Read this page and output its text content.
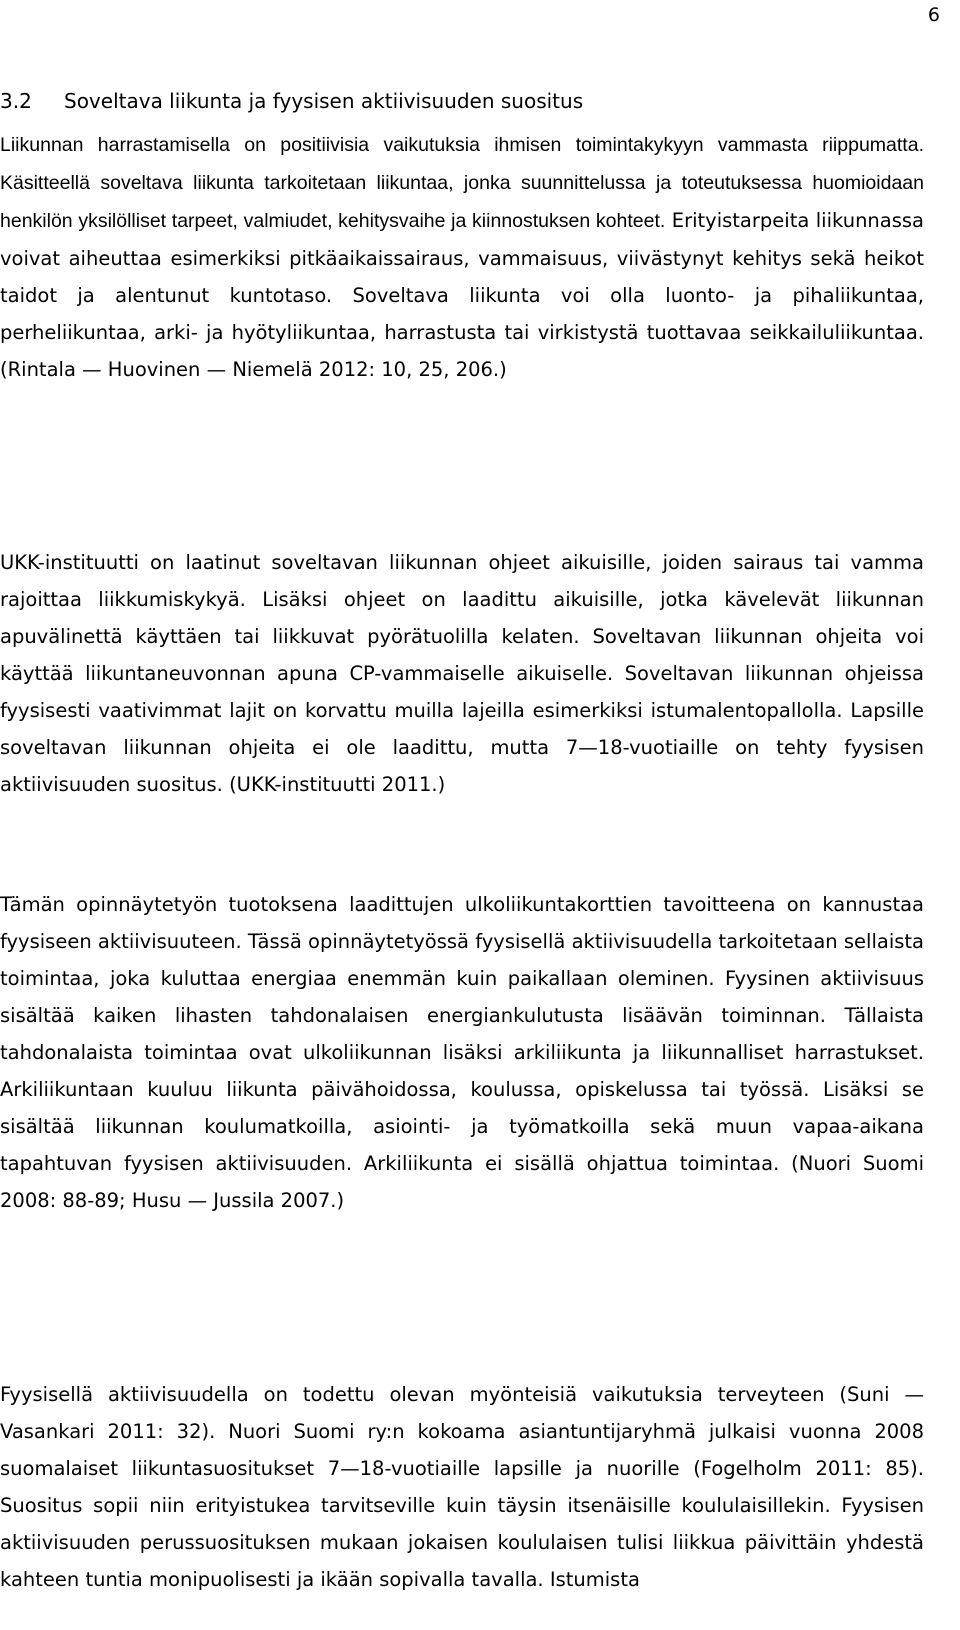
6
3.2 Soveltava liikunta ja fyysisen aktiivisuuden suositus

Liikunnan harrastamisella on positiivisia vaikutuksia ihmisen toimintakykyyn vammasta riippumatta. Käsitteellä soveltava liikunta tarkoitetaan liikuntaa, jonka suunnittelussa ja toteutuksessa huomioidaan henkilön yksilölliset tarpeet, valmiudet, kehitysvaihe ja kiinnostuksen kohteet. Erityistarpeita liikunnassa voivat aiheuttaa esimerkiksi pitkäaikaissairaus, vammaisuus, viivästynyt kehitys sekä heikot taidot ja alentunut kuntotaso. Soveltava liikunta voi olla luonto- ja pihaliikuntaa, perheliikuntaa, arki- ja hyötyliikuntaa, harrastusta tai virkistystä tuottavaa seikkailuliikuntaa. (Rintala — Huovinen — Niemelä 2012: 10, 25, 206.)

UKK-instituutti on laatinut soveltavan liikunnan ohjeet aikuisille, joiden sairaus tai vamma rajoittaa liikkumiskykyä. Lisäksi ohjeet on laadittu aikuisille, jotka kävelevät liikunnan apuvälinettä käyttäen tai liikkuvat pyörätuolilla kelaten. Soveltavan liikunnan ohjeita voi käyttää liikuntaneuvonnan apuna CP-vammaiselle aikuiselle. Soveltavan liikunnan ohjeissa fyysisesti vaativimmat lajit on korvattu muilla lajeilla esimerkiksi istumalentopallolla. Lapsille soveltavan liikunnan ohjeita ei ole laadittu, mutta 7—18-vuotiaille on tehty fyysisen aktiivisuuden suositus. (UKK-instituutti 2011.)

Tämän opinnäytetyön tuotoksena laadittujen ulkoliikuntakorttien tavoitteena on kannustaa fyysiseen aktiivisuuteen. Tässä opinnäytetyössä fyysisellä aktiivisuudella tarkoitetaan sellaista toimintaa, joka kuluttaa energiaa enemmän kuin paikallaan oleminen. Fyysinen aktiivisuus sisältää kaiken lihasten tahdonalaisen energiankulutusta lisäävän toiminnan. Tällaista tahdonalaista toimintaa ovat ulkoliikunnan lisäksi arkiliikunta ja liikunnalliset harrastukset. Arkiliikuntaan kuuluu liikunta päivähoidossa, koulussa, opiskelussa tai työssä. Lisäksi se sisältää liikunnan koulumatkoilla, asiointi- ja työmatkoilla sekä muun vapaa-aikana tapahtuvan fyysisen aktiivisuuden. Arkiliikunta ei sisällä ohjattua toimintaa. (Nuori Suomi 2008: 88-89; Husu — Jussila 2007.)

Fyysisellä aktiivisuudella on todettu olevan myönteisiä vaikutuksia terveyteen (Suni — Vasankari 2011: 32). Nuori Suomi ry:n kokoama asiantuntijaryhmä julkaisi vuonna 2008 suomalaiset liikuntasuositukset 7—18-vuotiaille lapsille ja nuorille (Fogelholm 2011: 85). Suositus sopii niin erityistukea tarvitseville kuin täysin itsenäisille koululaisillekin. Fyysisen aktiivisuuden perussuosituksen mukaan jokaisen koululaisen tulisi liikkua päivittäin yhdestä kahteen tuntia monipuolisesti ja ikään sopivalla tavalla. Istumista
